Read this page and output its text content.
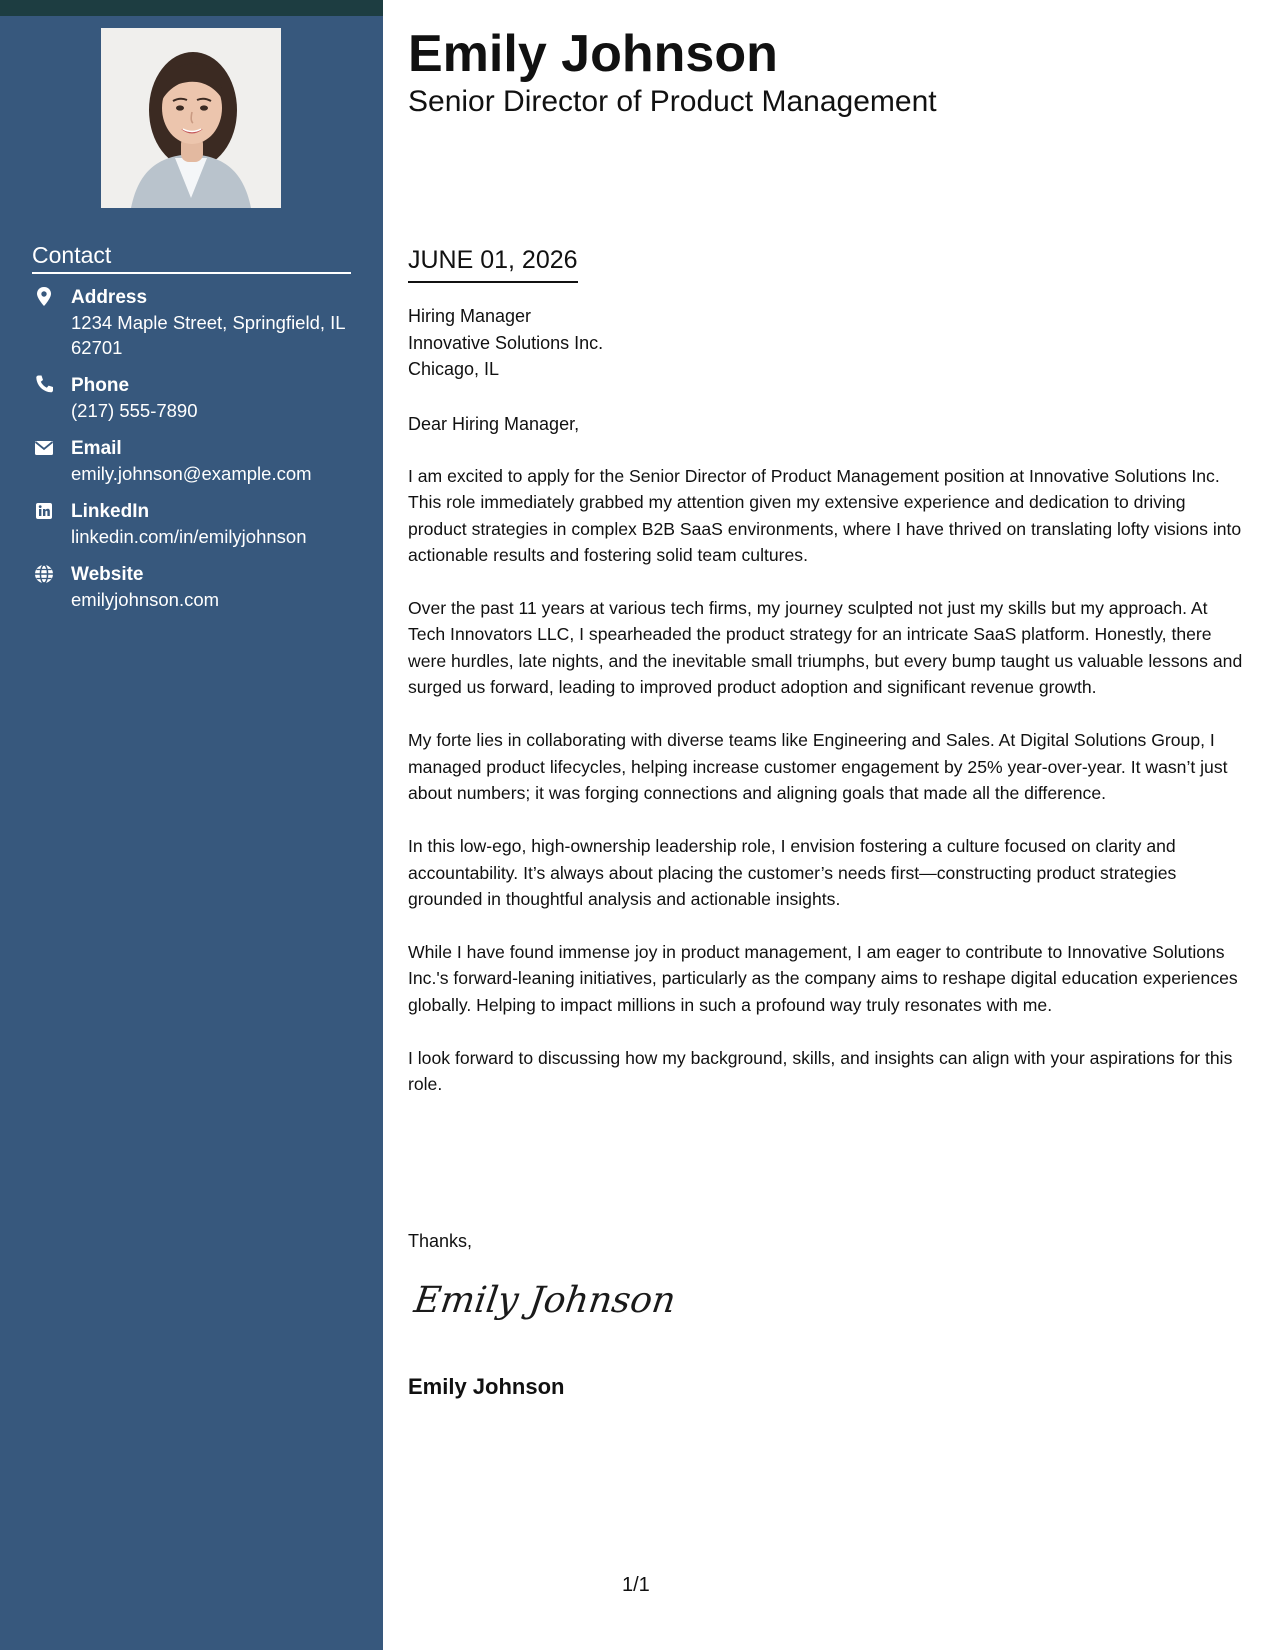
Contact
Address
1234 Maple Street, Springfield, IL 62701
Phone
(217) 555-7890
Email
emily.johnson@example.com
LinkedIn
linkedin.com/in/emilyjohnson
Website
emilyjohnson.com
Emily Johnson
Senior Director of Product Management
JUNE 01, 2026
Hiring Manager
Innovative Solutions Inc.
Chicago, IL
Dear Hiring Manager,

I am excited to apply for the Senior Director of Product Management position at Innovative Solutions Inc. This role immediately grabbed my attention given my extensive experience and dedication to driving product strategies in complex B2B SaaS environments, where I have thrived on translating lofty visions into actionable results and fostering solid team cultures.

Over the past 11 years at various tech firms, my journey sculpted not just my skills but my approach. At Tech Innovators LLC, I spearheaded the product strategy for an intricate SaaS platform. Honestly, there were hurdles, late nights, and the inevitable small triumphs, but every bump taught us valuable lessons and surged us forward, leading to improved product adoption and significant revenue growth.

My forte lies in collaborating with diverse teams like Engineering and Sales. At Digital Solutions Group, I managed product lifecycles, helping increase customer engagement by 25% year-over-year. It wasn’t just about numbers; it was forging connections and aligning goals that made all the difference.

In this low-ego, high-ownership leadership role, I envision fostering a culture focused on clarity and accountability. It’s always about placing the customer’s needs first—constructing product strategies grounded in thoughtful analysis and actionable insights.

While I have found immense joy in product management, I am eager to contribute to Innovative Solutions Inc.'s forward-leaning initiatives, particularly as the company aims to reshape digital education experiences globally. Helping to impact millions in such a profound way truly resonates with me.

I look forward to discussing how my background, skills, and insights can align with your aspirations for this role.

Thanks,
Emily Johnson
Emily Johnson
1/1
